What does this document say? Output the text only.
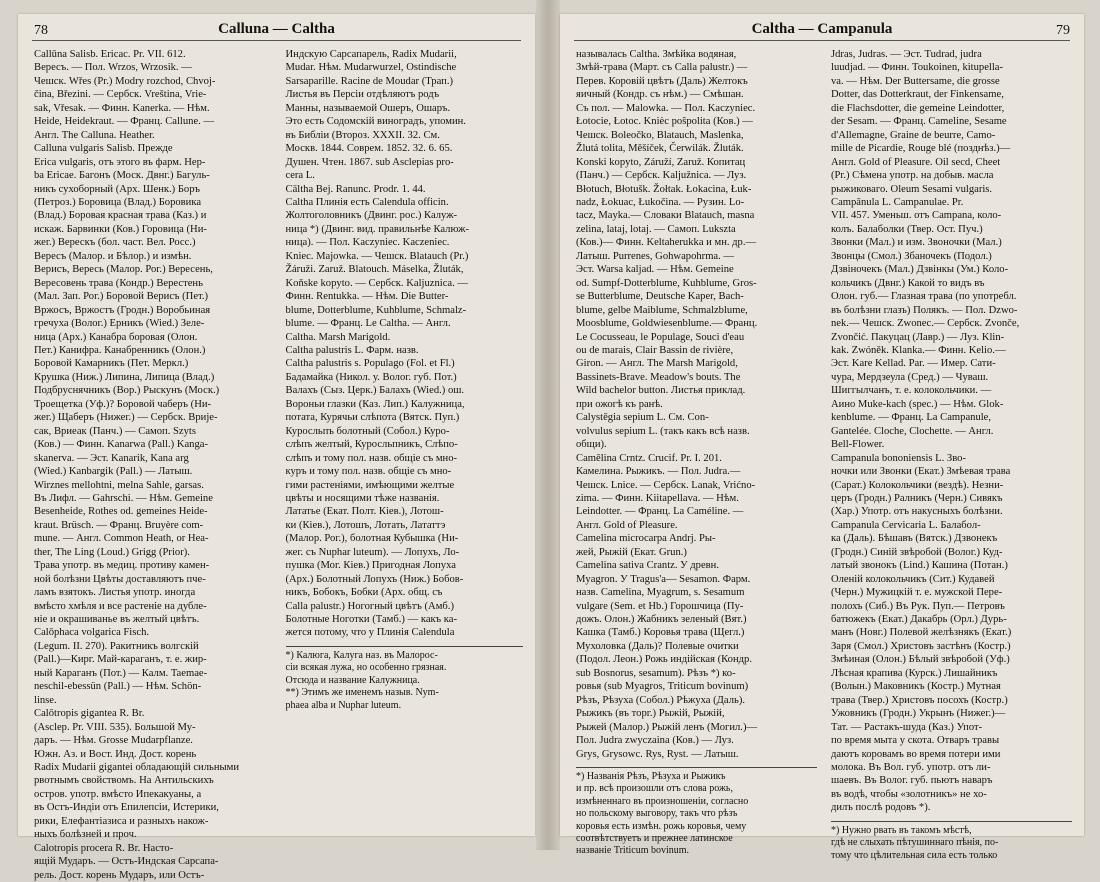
78	Calluna — Caltha
Callūna Salisb. Ericac. Pr. VII. 612.
Вересъ. — Пол. Wrzos, Wrzosik. —
Чешск. Wřes (Pr.) Modry rozchod, Chvoj-
čina, Březini. — Сербск. Vreština, Vrie-
sak, Vřesak. — Финн. Kanerka. — Нѣм.
Heide, Heidekraut. — Франц. Callune. —
Англ. The Calluna. Heather.
Calluna vulgaris Salisb. Прежде
Erica vulgaris, отъ этого въ фарм. Нер-
ba Ericae. Багонъ (Моск. Двнг.) Багуль-
никъ сухоборный (Арх. Шенк.) Боръ
(Петроз.) Боровица (Влад.) Боровика
(Влад.) Боровая красная трава (Каз.) и
искаж. Барвинки (Ков.) Горовица (Ни-
жег.) Верескъ (бол. част. Вел. Росс.)
Вересъ (Малор. и Бѣлор.) и измѣн.
Верисъ, Вересь (Малор. Рог.) Вересень,
Вересовень трава (Кондр.) Верестень
(Мал. Зап. Рог.) Боровой Верисъ (Пет.)
Вржосъ, Вржостъ (Гродн.) Воробьиная
гречуха (Волог.) Ерникъ (Wied.) Зеле-
ница (Арх.) Канабра боровая (Олон.
Пет.) Канифра. Канабренникъ (Олон.)
Боровой Камарникъ (Пет. Меркл.)
Крушка (Ниж.) Липина, Липица (Влад.)
Подбруснячникъ (Вор.) Рыскунъ (Моск.)
Троещетка (Уф.)? Боровой чаберъ (Ни-
жег.) Щаберъ (Нижег.) — Сербск. Врије-
сак, Вриеак (Панч.) — Самоп. Szyts
(Ков.) — Финн. Kanarwa (Pall.) Kanga-
skanerva. — Эст. Kanarik, Kana arg
(Wied.) Kanbargik (Pall.) — Латыш.
Wirznes mellohtni, melna Sahle, garsas.
Въ Лифл. — Gahrschi. — Нѣм. Gemeine
Besenheide, Rothes od. gemeines Heide-
kraut. Brüsch. — Франц. Bruyère com-
mune. — Англ. Common Heath, or Hea-
ther, The Ling (Loud.) Grigg (Prior).
Трава употр. въ медиц. противу камен-
ной болѣзни Цвѣты доставляютъ пче-
ламъ взятокъ. Листья употр. иногда
вмѣсто хмѣля и все растеніе на дубле-
ніе и окрашиванье въ желтый цвѣтъ.
Calōphaca volgarica Fisch.
(Legum. II. 270). Ракитникъ волгскій
(Pall.)—Кирг. Май-караганъ, т. е. жир-
ный Караганъ (Пот.) — Калм. Taemae-
neschil-ebessün (Pall.) — Нѣм. Schön-
linse.
Calōtropis gigantea R. Br.
(Asclep. Pr. VIII. 535). Большой Му-
даръ. — Нѣм. Grosse Mudarpflanze.
Южн. Аз. и Вост. Инд. Дост. корень
Radix Mudarii gigantei обладающій сильными
рвотнымъ свойствомъ. На Антильскихъ
остров. употр. вмѣсто Ипекакуаны, а
въ Остъ-Индіи отъ Епилепсіи, Истерики,
рики, Елефантіазиса и разныхъ накож-
ныхъ болѣзней и проч.
Calotropis procera R. Br. Насто-
ящій Мударъ. — Остъ-Индская Сарсапа-
рель. Дост. корень Мударъ, или Остъ-
Индскую Сарсапарель, Radix Mudarii,
Mudar. Нѣм. Mudarwurzel, Ostindische
Sarsaparille. Racine de Moudar (Трап.)
Листья въ Персіи отдѣляютъ родъ
Манны, называемой Ошеръ, Ошаръ.
Это есть Содомскій виноградъ, упомин.
въ Библіи (Второз. XXXII. 32. См.
Москв. 1844. Соврем. 1852. 32. 6. 65.
Душен. Чтен. 1867. sub Asclepias pro-
cera L.
Cāltha Bej. Ranunc. Prodr. 1. 44.
Caltha Плинія есть Calendula officin.
Жолтоголовникъ (Двинг. рос.) Калуж-
ница *) (Двинг. вид. правильнѣе Калюж-
ница). — Пол. Kaczyniec. Kaczeniec.
Kniec. Majowka. — Чешск. Blatauch (Pr.)
Žáruži. Zaruž. Blatouch. Máselka, Žluták,
Koňske kopyto. — Сербск. Kaljuznica. —
Финн. Rentukka. — Нѣм. Die Butter-
blume, Dotterblume, Kuhblume, Schmalz-
blume. — Франц. Le Caltha. — Англ.
Caltha. Marsh Marigold.
Caltha palustris L. Фарм. назв.
Caltha palustris s. Populago (Fol. et Fl.)
Бадамайка (Никол. у. Волог. губ. Пот.)
Валахъ (Сыз. Церк.) Балахъ (Wied.) ош.
Вороньи глазки (Каз. Лип.) Калужница,
потата, Курячьи слѣпота (Вятск. Пуп.)
Куросльпъ болотный (Собол.) Куро-
слѣпъ желтый, Куросльпникъ, Слѣпо-
слѣпъ и тому пол. назв. общіе съ мно-
куръ и тому пол. назв. общіе съ мно-
гими растеніями, имѣющими желтые
цвѣты и носящими тѣже названія.
Лататье (Екат. Полт. Кіев.), Лотош-
ки (Кіев.), Лотошъ, Лотать, Лататтэ
(Малор. Рог.), болотная Кубышка (Ни-
жег. съ Nuphar luteum). — Лопухъ, Ло-
пушка (Мог. Кіев.) Пригодная Лопуха
(Арх.) Болотный Лопухъ (Ниж.) Бобов-
никъ, Бобокъ, Бобки (Арх. общ. съ
Calla palustr.) Ногогный цвѣтъ (Амб.)
Болотные Ноготки (Тамб.) — какъ ка-
жется потому, что у Плинія Calendula
*) Калюга, Калуга наз. въ Малорос-
сіи всякая лужа, но особенно грязная.
Отсюда и название Калужница.
**) Этимъ же именемъ назыв. Nym-
phaea alba и Nuphar luteum.
Caltha — Campanula	79
называлась Caltha. Змѣйка водяная,
Змѣй-трава (Март. съ Calla palustr.) —
Перев. Коровій цвѣтъ (Даль) Желтокъ
яичный (Кондр. съ нѣм.) — Смѣшан.
Съ пол. — Malowka. — Пол. Kaczyniec.
Łotocie, Łotoc. Kniėc poŝpolita (Ков.) —
Чешск. Boleočko, Blatauch, Maslenka,
Žlutá tolita, Měšíček, Čerwilák. Žluták.
Konski kopyto, Záruží, Zaruž. Копитац
(Панч.) — Сербск. Kaljužnica. — Луз.
Błotuch, Błotušk. Žołtak. Łokacina, Łuk-
nadz, Łokuac, Łukočina. — Рузин. Lo-
tacz, Mayka.— Словаки Blatauch, masna
zelina, lataj, lotaj. — Самоп. Lukszta
(Ков.)— Финн. Keltaherukka и мн. др.—
Латыш. Purrenes, Gohwapohrma. —
Эст. Warsa kaljad. — Нѣм. Gemeine
od. Sumpf-Dotterblume, Kuhblume, Gros-
se Butterblume, Deutsche Kaper, Bach-
blume, gelbe Maiblume, Schmalzblume,
Moosblume, Goldwiesenblume.— Франц.
Le Cocusseau, le Populage, Souci d'eau
ou de marais, Clair Bassin de rivière,
Giron. — Англ. The Marsh Marigold,
Bassinets-Brave. Meadow's bouts. The
Wild bachelor button. Листья приклад.
при ожогѣ къ ранѣ.
Calystēgia sepium L. См. Con-
volvulus sepium L. (такъ какъ всѣ назв.
общи).
Camēlina Crntz. Crucif. Pr. I. 201.
Камелина. Рыжикъ. — Пол. Judra.—
Чешск. Lnice. — Сербск. Lanak, Vrićno-
zima. — Финн. Kiitapellava. — Нѣм.
Leindotter. — Франц. La Caméline. —
Англ. Gold of Pleasure.
Camelina microcarpa Andrj. Ры-
жей, Рыжій (Екат. Grun.)
Camelina sativa Crantz. У древн.
Myagron. У Tragus'a— Sesamon. Фарм.
назв. Camelina, Myagrum, s. Sesamum
vulgare (Sem. et Hb.) Горошчица (Пу-
дожъ. Олон.) Жабникъ зеленый (Вят.)
Кашка (Тамб.) Коровья трава (Щегл.)
Мухоловка (Даль)? Полевые очитки
(Подол. Леон.) Рожь индійская (Кондр.
sub Bosnorus, sesamum). Рѣзъ *) ко-
ровья (sub Myagros, Triticum bovinum)
Рѣзъ, Рѣзуха (Собол.) Рѣжуха (Даль).
Рыжикъ (въ торг.) Рыжій, Рыжій,
Рыжей (Малор.) Рыжій ленъ (Могил.)—
Пол. Judra zwyczaina (Ков.) — Луз.
Grys, Grysowc. Rys, Ryst. — Латыш.
*) Названія Рѣзъ, Рѣзуха и Рыжикъ
и пр. всѣ произошли отъ слова рожь,
измѣненнаго въ произношеніи, согласно
но польскому выговору, такъ что рѣзъ
коровья есть измѣн. рожь коровья, чему
соотвѣтствуетъ и прежнее латинское
названіе Triticum bovinum.
Jdras, Judras. — Эст. Tudrad, judra
luudjad. — Финн. Toukoinen, kitupella-
va. — Нѣм. Der Buttersame, die grosse
Dotter, das Dotterkraut, der Finkensame,
die Flachsdotter, die gemeine Leindotter,
der Sesam. — Франц. Cameline, Sesame
d'Allemagne, Graine de beurre, Camo-
mille de Picardie, Rouge blé (позднѣз.)—
Англ. Gold of Pleasure. Oil secd, Cheet
(Pr.) Сѣмена употр. на добыв. масла
рыжиковаго. Oleum Sesami vulgaris.
Campānula L. Campanulae. Pr.
VII. 457. Уменьш. отъ Campana, коло-
колъ. Балаболки (Твер. Ост. Пуч.)
Звонки (Мал.) и изм. Звоночки (Мал.)
Звонцы (Смол.) Збаночекъ (Подол.)
Дзвіночекъ (Мал.) Дзвінкы (Ум.) Коло-
кольчикъ (Двнг.) Какой то видъ въ
Олон. губ.— Глазная трава (по употребл.
въ болѣзни глазъ) Полякъ. — Пол. Dzwo-
nek.— Чешск. Zwonec.— Сербск. Zvonče,
Zvončić. Пакуцац (Лавр.) — Луз. Klin-
kak. Zwóněk. Klanka.— Финн. Kelio.—
Эст. Kare Kellad. Par. — Имер. Сати-
чура, Мердзеула (Сред.) — Чуваш.
Шиггылчанъ, т. е. колокольчики. —
Аино Muke-kach (spec.) — Нѣм. Glok-
kenblume. — Франц. La Campanule,
Gantelée. Cloche, Clochette. — Англ.
Bell-Flower.
Campanula bononiensis L. Зво-
ночки или Звонки (Екат.) Змѣевая трава
(Сарат.) Колокольчики (вездѣ). Незни-
церъ (Гродн.) Ралникъ (Черн.) Сивякъ
(Хар.) Употр. отъ накусныхъ болѣзни.
Campanula Cervicaria L. Балабол-
ка (Даль). Бѣшавъ (Вятск.) Дзвонекъ
(Гродн.) Синій звѣробой (Волог.) Куд-
латый звонокъ (Lind.) Кашина (Потан.)
Оленій колокольчикъ (Сит.) Кудавей
(Черн.) Мужицкій т. е. мужской Пере-
полохъ (Сиб.) Въ Рук. Пуп.— Петровъ
батюжекъ (Екат.) Дакабрь (Орл.) Дурь-
манъ (Новг.) Полевой желѣзнякъ (Екат.)
Заря (Смол.) Христовъ застѣнъ (Костр.)
Змѣиная (Олон.) Бѣлый звѣробой (Уф.)
Лѣсная крапива (Курск.) Лишайникъ
(Волын.) Маковникъ (Костр.) Мутная
трава (Твер.) Христовъ посохъ (Костр.)
Ужовникъ (Гродн.) Укрынъ (Нижег.)—
Тат. — Растакъ-шуда (Каз.) Упот-
по время мыта у скота. Отваръ травы
даютъ коровамъ во время потери ими
молока. Въ Вол. губ. употр. отъ ли-
шаевъ. Въ Волог. губ. пьютъ наваръ
въ водѣ, чтобы «золотникъ» не хо-
дилъ послѣ родовъ *).
*) Нужно рвать въ такомъ мѣстѣ,
гдѣ не слыхать пѣтушиннаго пѣнія, по-
тому что цѣлительная сила есть только
